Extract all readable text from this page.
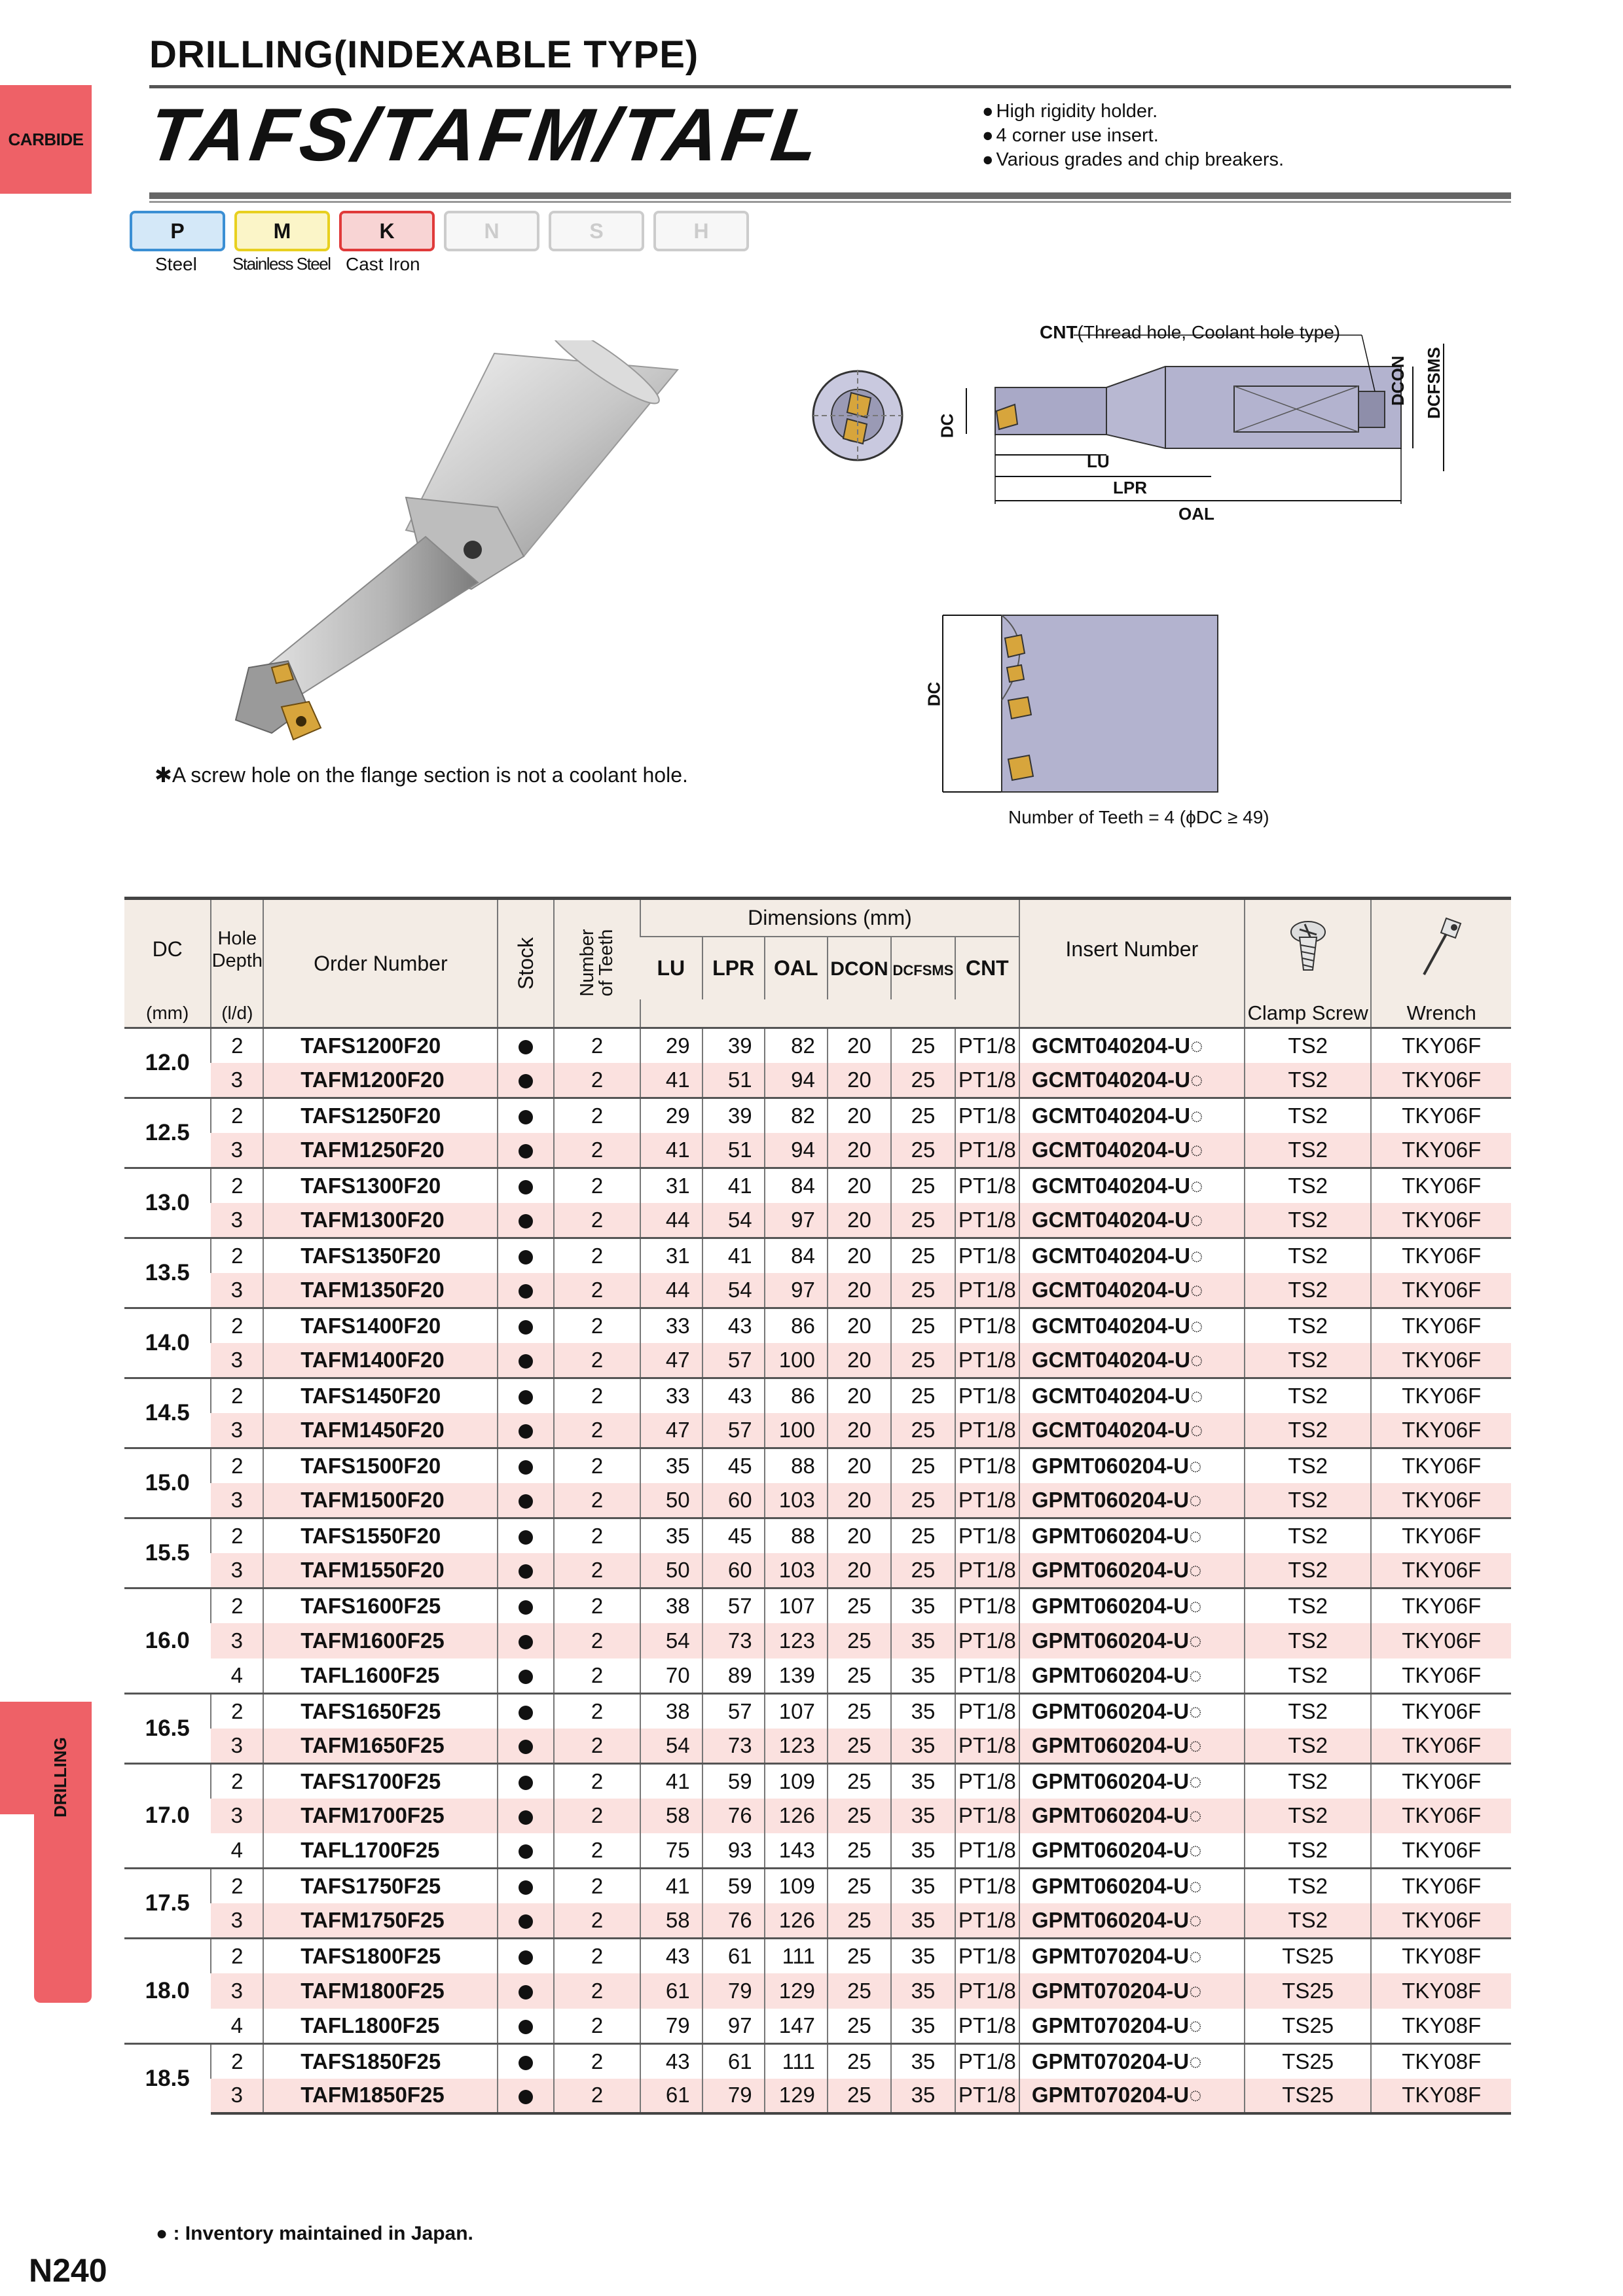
CARBIDE
DRILLING
DRILLING(INDEXABLE TYPE)
TAFS/TAFM/TAFL	● High rigidity holder.
● 4 corner use insert.
● Various grades and chip breakers.
P	M	K	N	S	H
Steel Stainless Steel Cast Iron
CNT(Thread hole, Coolant hole type)
DC
LU
LPR
OAL
DCON DCFSMS
DC
✱A screw hole on the flange section is not a coolant hole.
Number of Teeth = 4 (ϕDC ≥ 49)
DC	Hole Depth	Order Number	Stock	Number of Teeth	Dimensions (mm)						Insert Number		
					LU	LPR	OAL	DCON	DCFSMS	CNT			
(mm)	(l/d)											Clamp Screw	Wrench
12.0	2	TAFS1200F20		2	29	39	82	20	25	PT1/8	GCMT040204-U◌	TS2	TKY06F
	3	TAFM1200F20		2	41	51	94	20	25	PT1/8	GCMT040204-U◌	TS2	TKY06F
12.5	2	TAFS1250F20		2	29	39	82	20	25	PT1/8	GCMT040204-U◌	TS2	TKY06F
	3	TAFM1250F20		2	41	51	94	20	25	PT1/8	GCMT040204-U◌	TS2	TKY06F
13.0	2	TAFS1300F20		2	31	41	84	20	25	PT1/8	GCMT040204-U◌	TS2	TKY06F
	3	TAFM1300F20		2	44	54	97	20	25	PT1/8	GCMT040204-U◌	TS2	TKY06F
13.5	2	TAFS1350F20		2	31	41	84	20	25	PT1/8	GCMT040204-U◌	TS2	TKY06F
	3	TAFM1350F20		2	44	54	97	20	25	PT1/8	GCMT040204-U◌	TS2	TKY06F
14.0	2	TAFS1400F20		2	33	43	86	20	25	PT1/8	GCMT040204-U◌	TS2	TKY06F
	3	TAFM1400F20		2	47	57	100	20	25	PT1/8	GCMT040204-U◌	TS2	TKY06F
14.5	2	TAFS1450F20		2	33	43	86	20	25	PT1/8	GCMT040204-U◌	TS2	TKY06F
	3	TAFM1450F20		2	47	57	100	20	25	PT1/8	GCMT040204-U◌	TS2	TKY06F
15.0	2	TAFS1500F20		2	35	45	88	20	25	PT1/8	GPMT060204-U◌	TS2	TKY06F
	3	TAFM1500F20		2	50	60	103	20	25	PT1/8	GPMT060204-U◌	TS2	TKY06F
15.5	2	TAFS1550F20		2	35	45	88	20	25	PT1/8	GPMT060204-U◌	TS2	TKY06F
	3	TAFM1550F20		2	50	60	103	20	25	PT1/8	GPMT060204-U◌	TS2	TKY06F
16.0	2	TAFS1600F25		2	38	57	107	25	35	PT1/8	GPMT060204-U◌	TS2	TKY06F
	3	TAFM1600F25		2	54	73	123	25	35	PT1/8	GPMT060204-U◌	TS2	TKY06F
	4	TAFL1600F25		2	70	89	139	25	35	PT1/8	GPMT060204-U◌	TS2	TKY06F
16.5	2	TAFS1650F25		2	38	57	107	25	35	PT1/8	GPMT060204-U◌	TS2	TKY06F
	3	TAFM1650F25		2	54	73	123	25	35	PT1/8	GPMT060204-U◌	TS2	TKY06F
17.0	2	TAFS1700F25		2	41	59	109	25	35	PT1/8	GPMT060204-U◌	TS2	TKY06F
	3	TAFM1700F25		2	58	76	126	25	35	PT1/8	GPMT060204-U◌	TS2	TKY06F
	4	TAFL1700F25		2	75	93	143	25	35	PT1/8	GPMT060204-U◌	TS2	TKY06F
17.5	2	TAFS1750F25		2	41	59	109	25	35	PT1/8	GPMT060204-U◌	TS2	TKY06F
	3	TAFM1750F25		2	58	76	126	25	35	PT1/8	GPMT060204-U◌	TS2	TKY06F
18.0	2	TAFS1800F25		2	43	61	111	25	35	PT1/8	GPMT070204-U◌	TS25	TKY08F
	3	TAFM1800F25		2	61	79	129	25	35	PT1/8	GPMT070204-U◌	TS25	TKY08F
	4	TAFL1800F25		2	79	97	147	25	35	PT1/8	GPMT070204-U◌	TS25	TKY08F
18.5	2	TAFS1850F25		2	43	61	111	25	35	PT1/8	GPMT070204-U◌	TS25	TKY08F
	3	TAFM1850F25		2	61	79	129	25	35	PT1/8	GPMT070204-U◌	TS25	TKY08F
● : Inventory maintained in Japan.
N240
